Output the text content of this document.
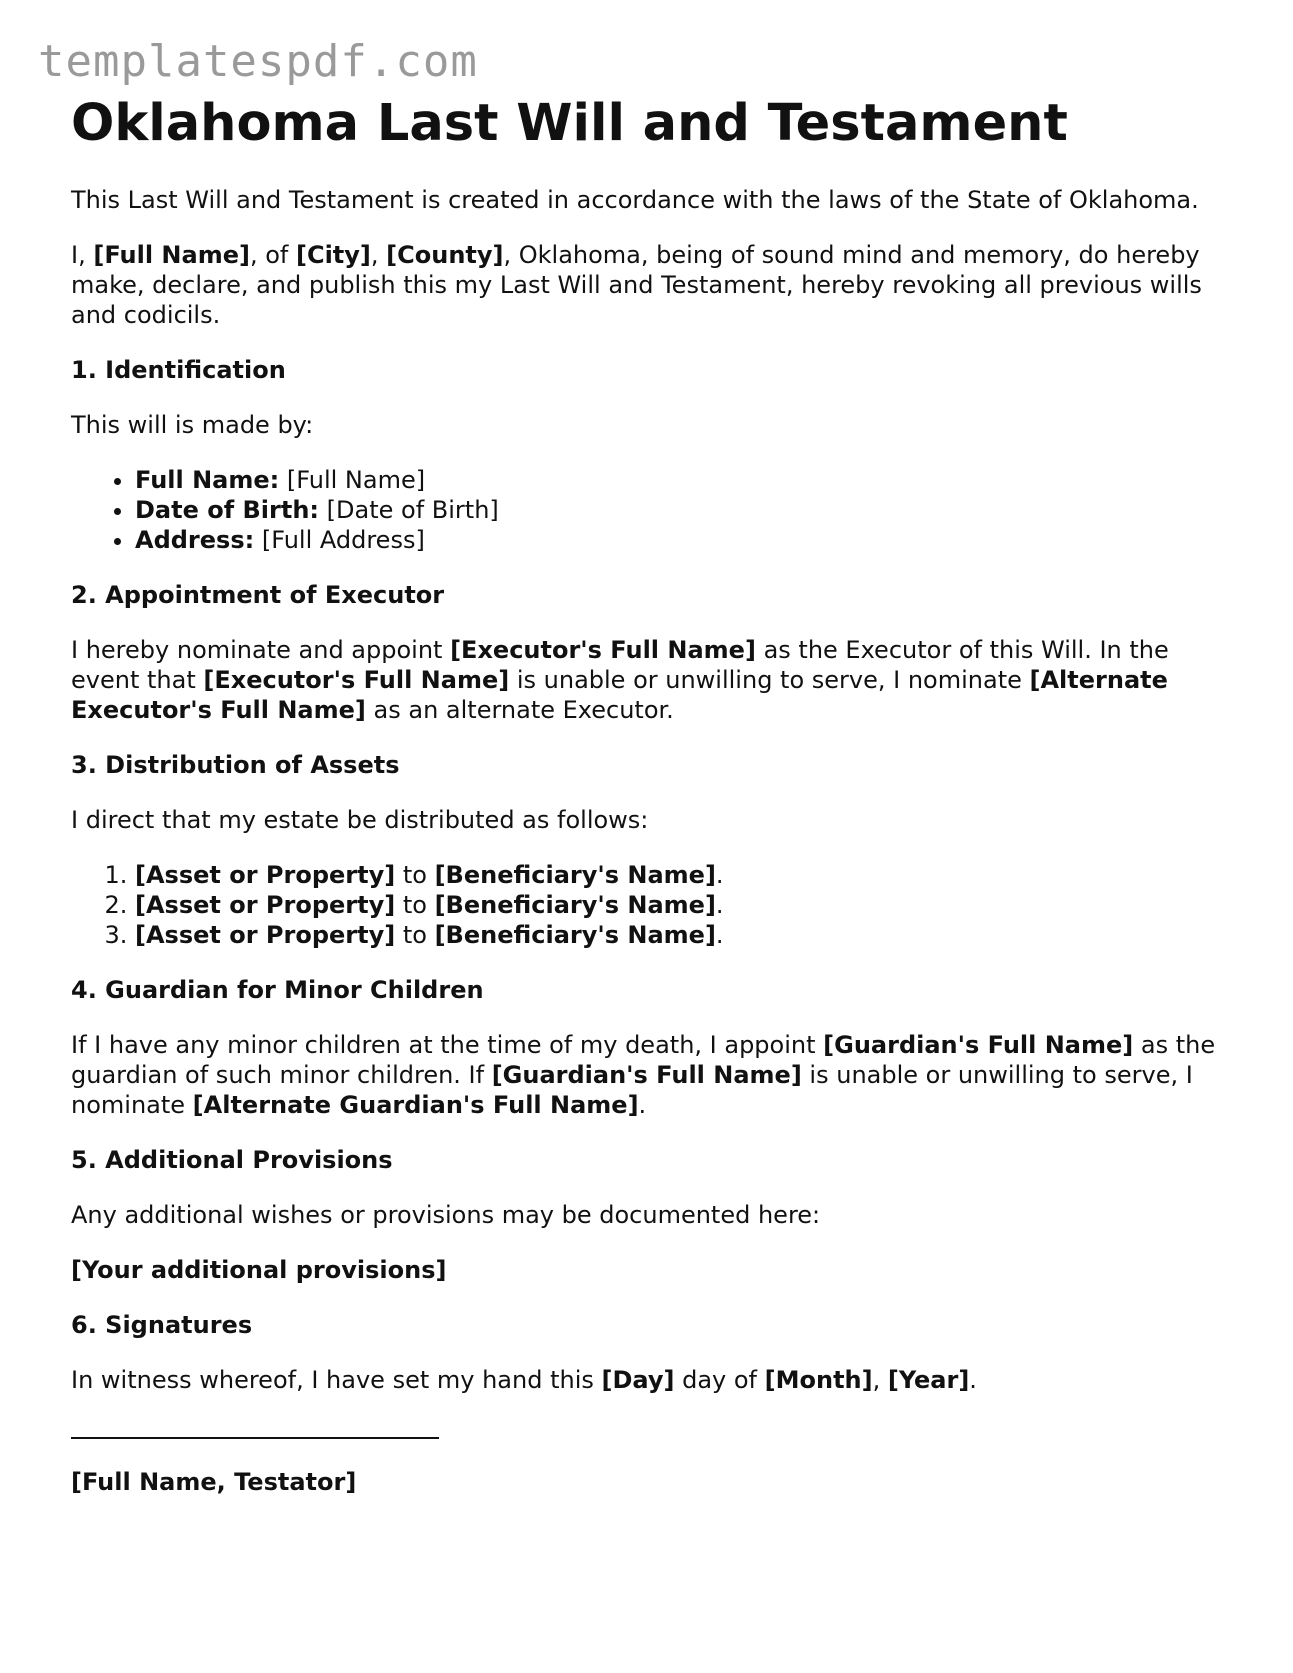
templatespdf.com
Oklahoma Last Will and Testament

This Last Will and Testament is created in accordance with the laws of the State of Oklahoma.

I, [Full Name], of [City], [County], Oklahoma, being of sound mind and memory, do hereby make, declare, and publish this my Last Will and Testament, hereby revoking all previous wills and codicils.

1. Identification

This will is made by:

• Full Name: [Full Name]
• Date of Birth: [Date of Birth]
• Address: [Full Address]
2. Appointment of Executor

I hereby nominate and appoint [Executor's Full Name] as the Executor of this Will. In the event that [Executor's Full Name] is unable or unwilling to serve, I nominate [Alternate Executor's Full Name] as an alternate Executor.

3. Distribution of Assets

I direct that my estate be distributed as follows:

1. [Asset or Property] to [Beneficiary's Name].
2. [Asset or Property] to [Beneficiary's Name].
3. [Asset or Property] to [Beneficiary's Name].
4. Guardian for Minor Children

If I have any minor children at the time of my death, I appoint [Guardian's Full Name] as the guardian of such minor children. If [Guardian's Full Name] is unable or unwilling to serve, I nominate [Alternate Guardian's Full Name].

5. Additional Provisions

Any additional wishes or provisions may be documented here:

[Your additional provisions]

6. Signatures

In witness whereof, I have set my hand this [Day] day of [Month], [Year].

[Full Name, Testator]
